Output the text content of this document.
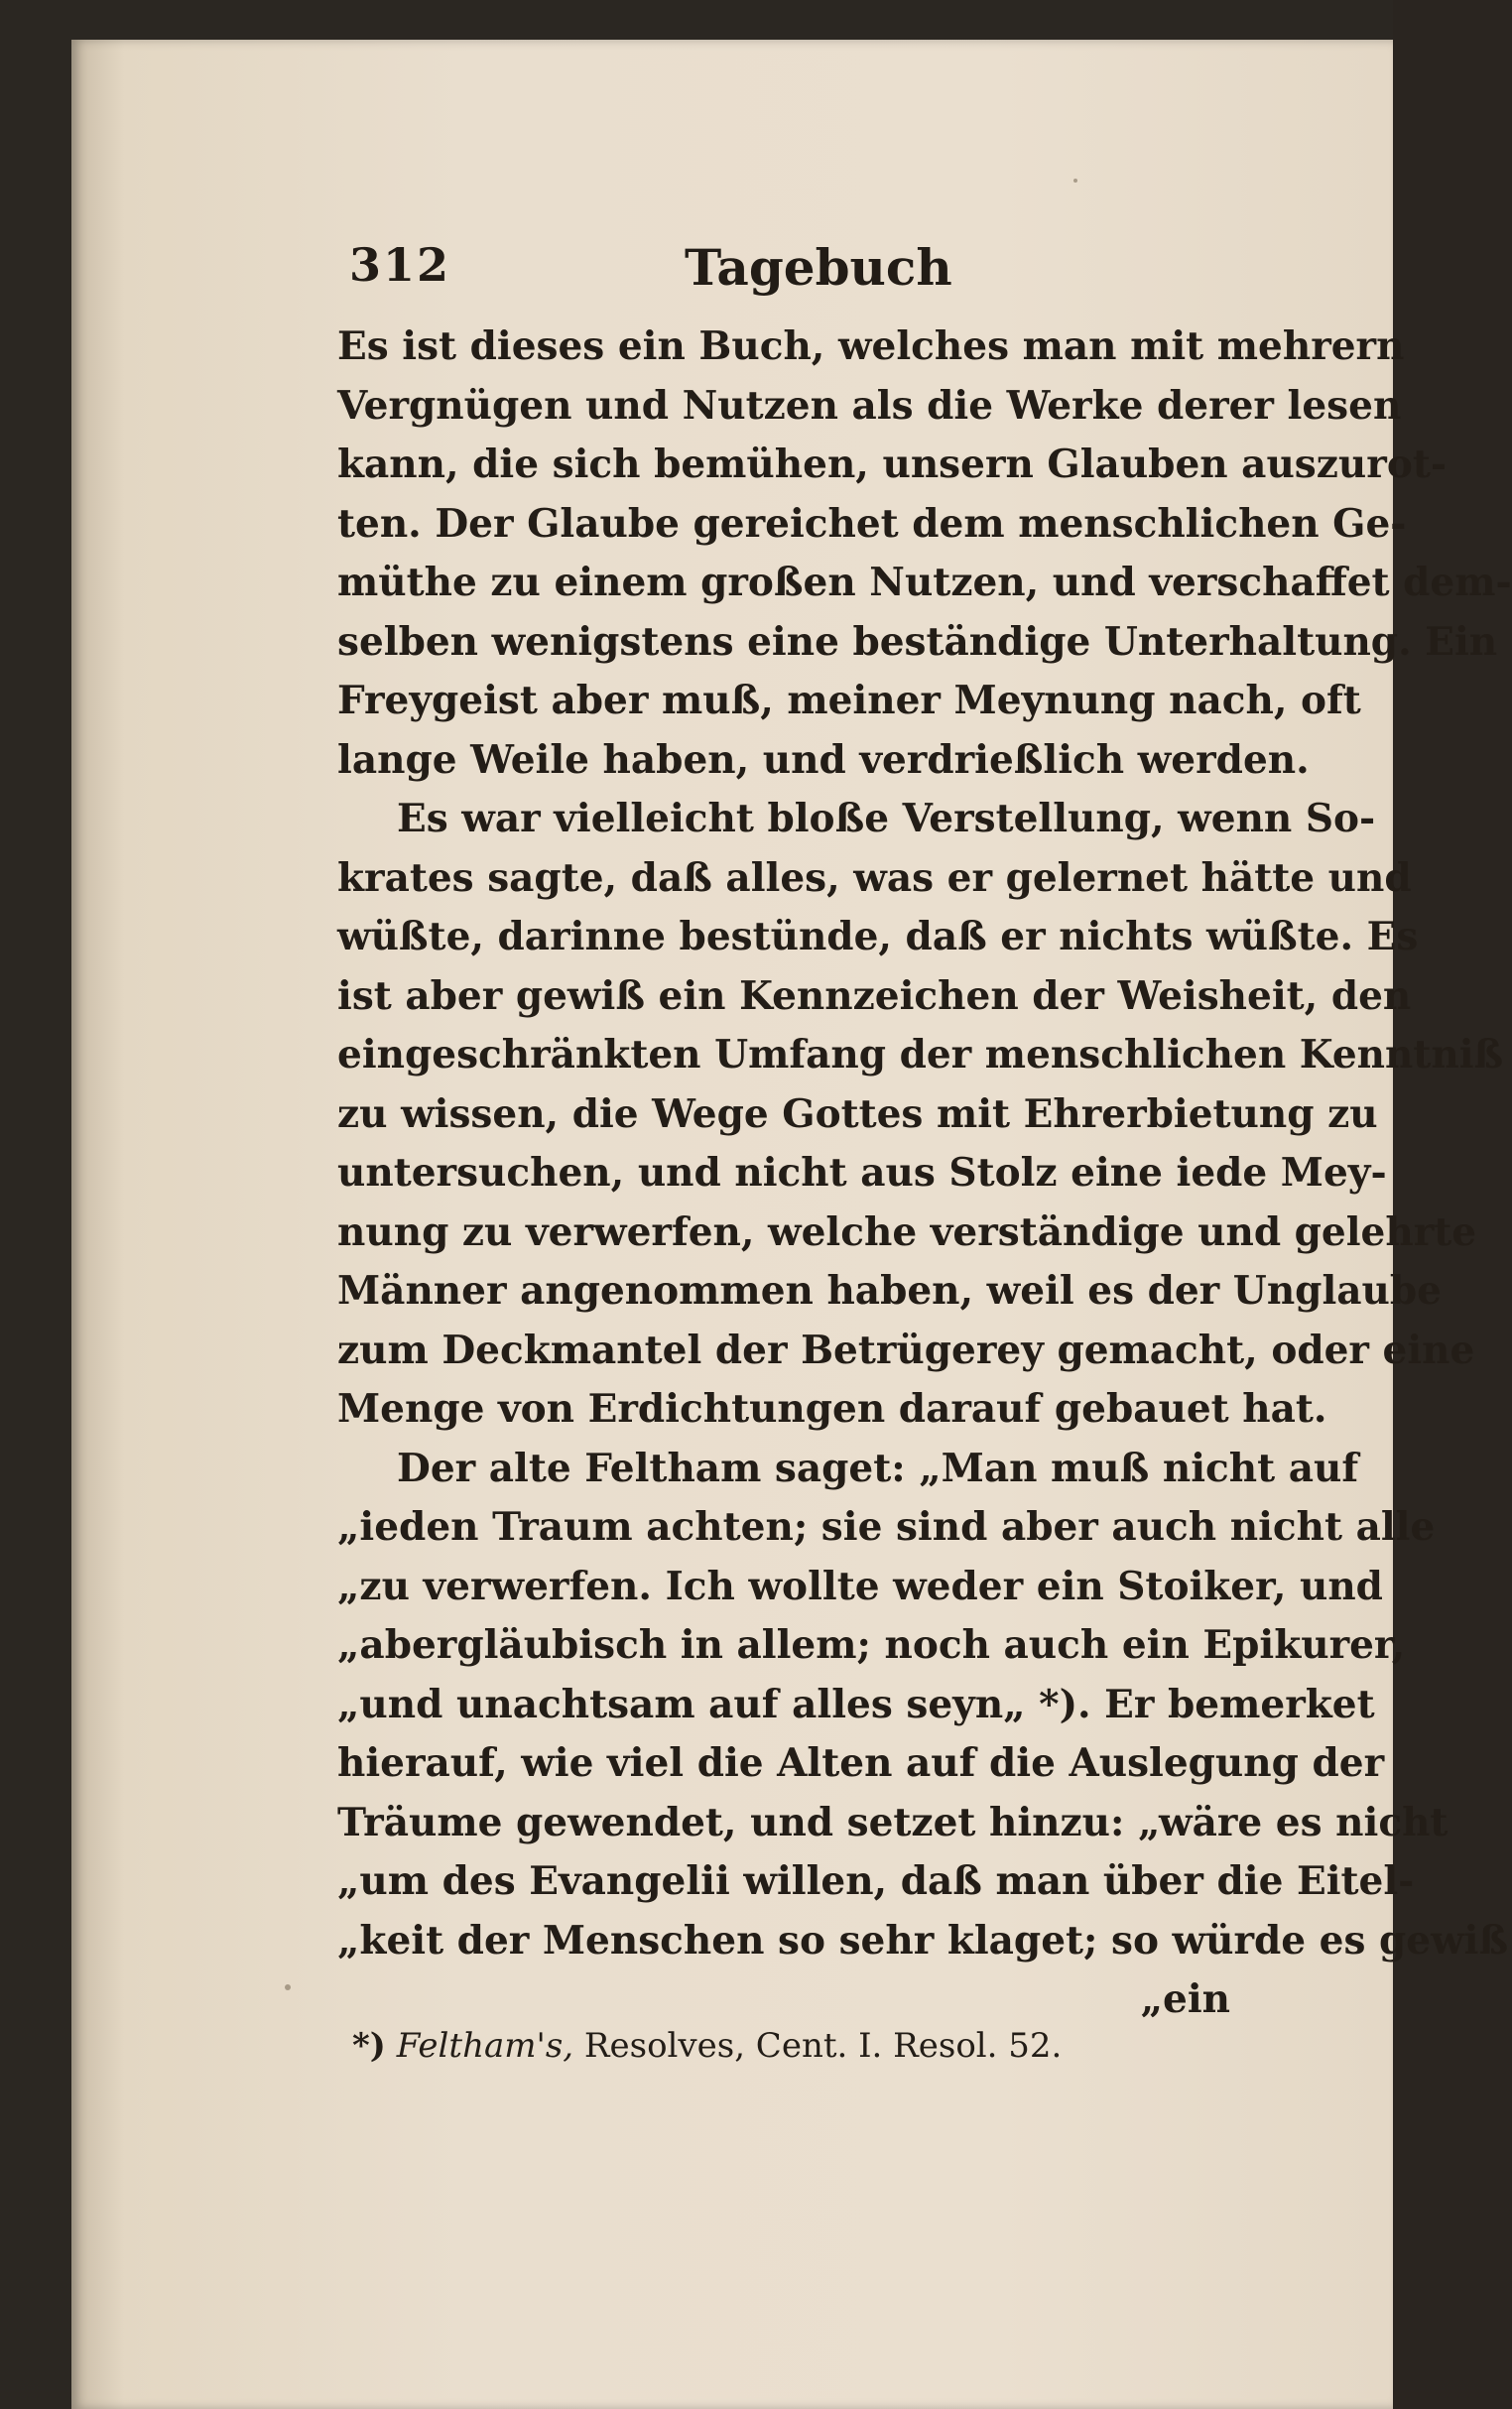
312	Tagebuch
Es ist dieses ein Buch, welches man mit mehrern
Vergnügen und Nutzen als die Werke derer lesen
kann, die sich bemühen, unsern Glauben auszurot-
ten. Der Glaube gereichet dem menschlichen Ge-
müthe zu einem großen Nutzen, und verschaffet dem-
selben wenigstens eine beständige Unterhaltung. Ein
Freygeist aber muß, meiner Meynung nach, oft
lange Weile haben, und verdrießlich werden.
Es war vielleicht bloße Verstellung, wenn So-
krates sagte, daß alles, was er gelernet hätte und
wüßte, darinne bestünde, daß er nichts wüßte. Es
ist aber gewiß ein Kennzeichen der Weisheit, den
eingeschränkten Umfang der menschlichen Kenntniß
zu wissen, die Wege Gottes mit Ehrerbietung zu
untersuchen, und nicht aus Stolz eine iede Mey-
nung zu verwerfen, welche verständige und gelehrte
Männer angenommen haben, weil es der Unglaube
zum Deckmantel der Betrügerey gemacht, oder eine
Menge von Erdichtungen darauf gebauet hat.
Der alte Feltham saget: „Man muß nicht auf
„ieden Traum achten; sie sind aber auch nicht alle
„zu verwerfen. Ich wollte weder ein Stoiker, und
„abergläubisch in allem; noch auch ein Epikurer,
„und unachtsam auf alles seyn„ *). Er bemerket
hierauf, wie viel die Alten auf die Auslegung der
Träume gewendet, und setzet hinzu: „wäre es nicht
„um des Evangelii willen, daß man über die Eitel-
„keit der Menschen so sehr klaget; so würde es gewiß
„ein
*) Feltham's, Resolves, Cent. I. Resol. 52.
